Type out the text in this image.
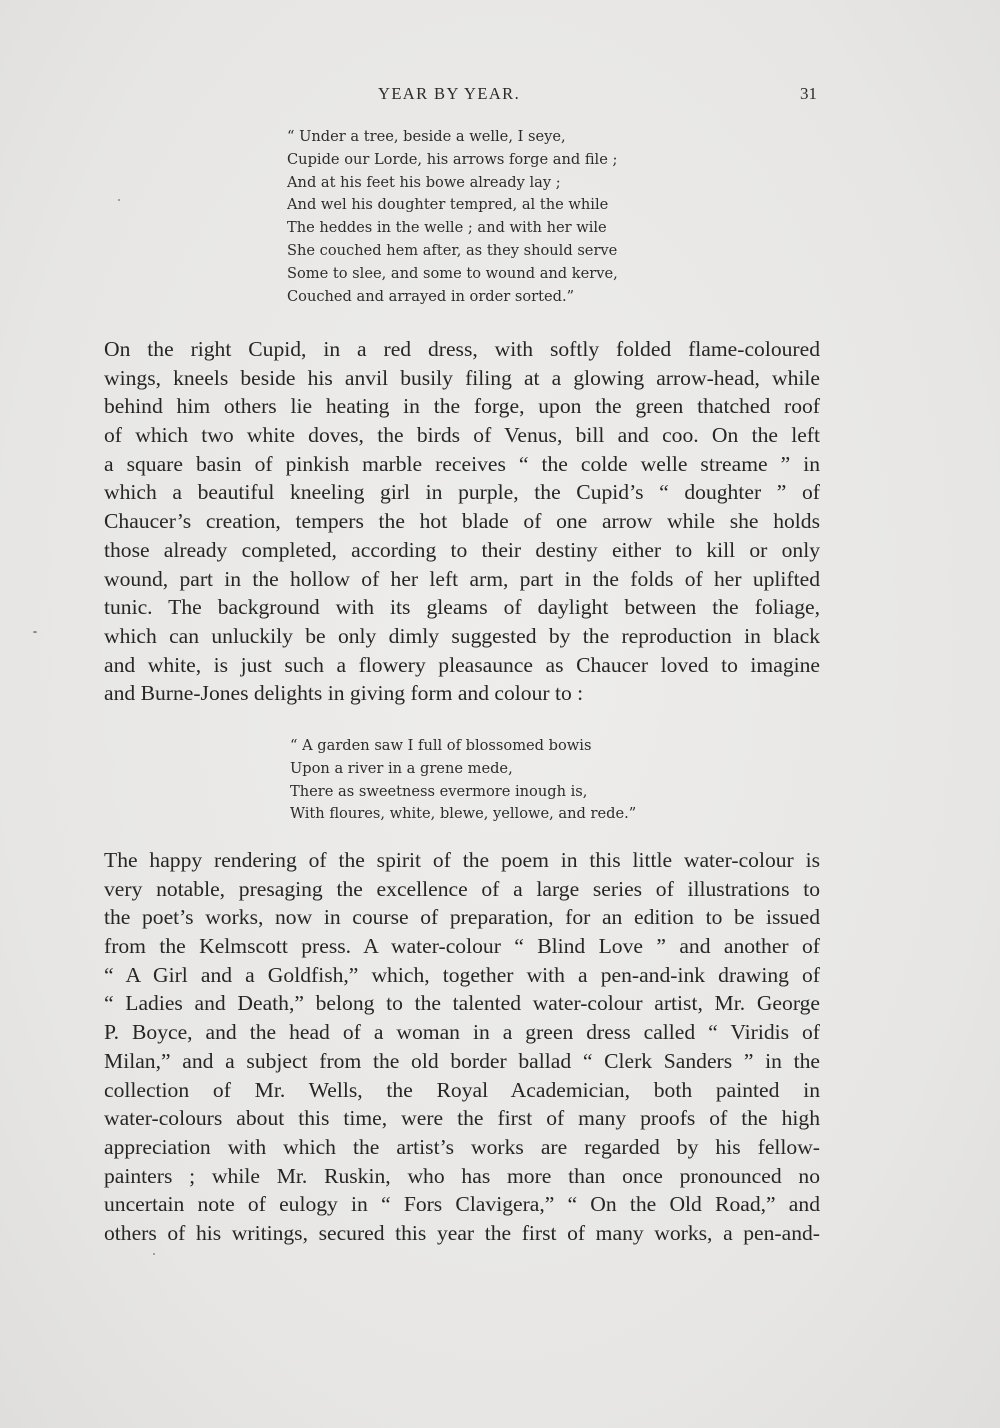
YEAR BY YEAR.	31
“ Under a tree, beside a welle, I seye,
Cupide our Lorde, his arrows forge and file ;
And at his feet his bowe already lay ;
And wel his doughter tempred, al the while
The heddes in the welle ; and with her wile
She couched hem after, as they should serve
Some to slee, and some to wound and kerve,
Couched and arrayed in order sorted.”
On the right Cupid, in a red dress, with softly folded flame-coloured
wings, kneels beside his anvil busily filing at a glowing arrow-head, while
behind him others lie heating in the forge, upon the green thatched roof
of which two white doves, the birds of Venus, bill and coo. On the left
a square basin of pinkish marble receives “ the colde welle streame ” in
which a beautiful kneeling girl in purple, the Cupid’s “ doughter ” of
Chaucer’s creation, tempers the hot blade of one arrow while she holds
those already completed, according to their destiny either to kill or only
wound, part in the hollow of her left arm, part in the folds of her uplifted
tunic. The background with its gleams of daylight between the foliage,
which can unluckily be only dimly suggested by the reproduction in black
and white, is just such a flowery pleasaunce as Chaucer loved to imagine
and Burne-Jones delights in giving form and colour to :
“ A garden saw I full of blossomed bowis
Upon a river in a grene mede,
There as sweetness evermore inough is,
With floures, white, blewe, yellowe, and rede.”
The happy rendering of the spirit of the poem in this little water-colour is
very notable, presaging the excellence of a large series of illustrations to
the poet’s works, now in course of preparation, for an edition to be issued
from the Kelmscott press. A water-colour “ Blind Love ” and another of
“ A Girl and a Goldfish,” which, together with a pen-and-ink drawing of
“ Ladies and Death,” belong to the talented water-colour artist, Mr. George
P. Boyce, and the head of a woman in a green dress called “ Viridis of
Milan,” and a subject from the old border ballad “ Clerk Sanders ” in the
collection of Mr. Wells, the Royal Academician, both painted in
water-colours about this time, were the first of many proofs of the high
appreciation with which the artist’s works are regarded by his fellow-
painters ; while Mr. Ruskin, who has more than once pronounced no
uncertain note of eulogy in “ Fors Clavigera,” “ On the Old Road,” and
others of his writings, secured this year the first of many works, a pen-and-
